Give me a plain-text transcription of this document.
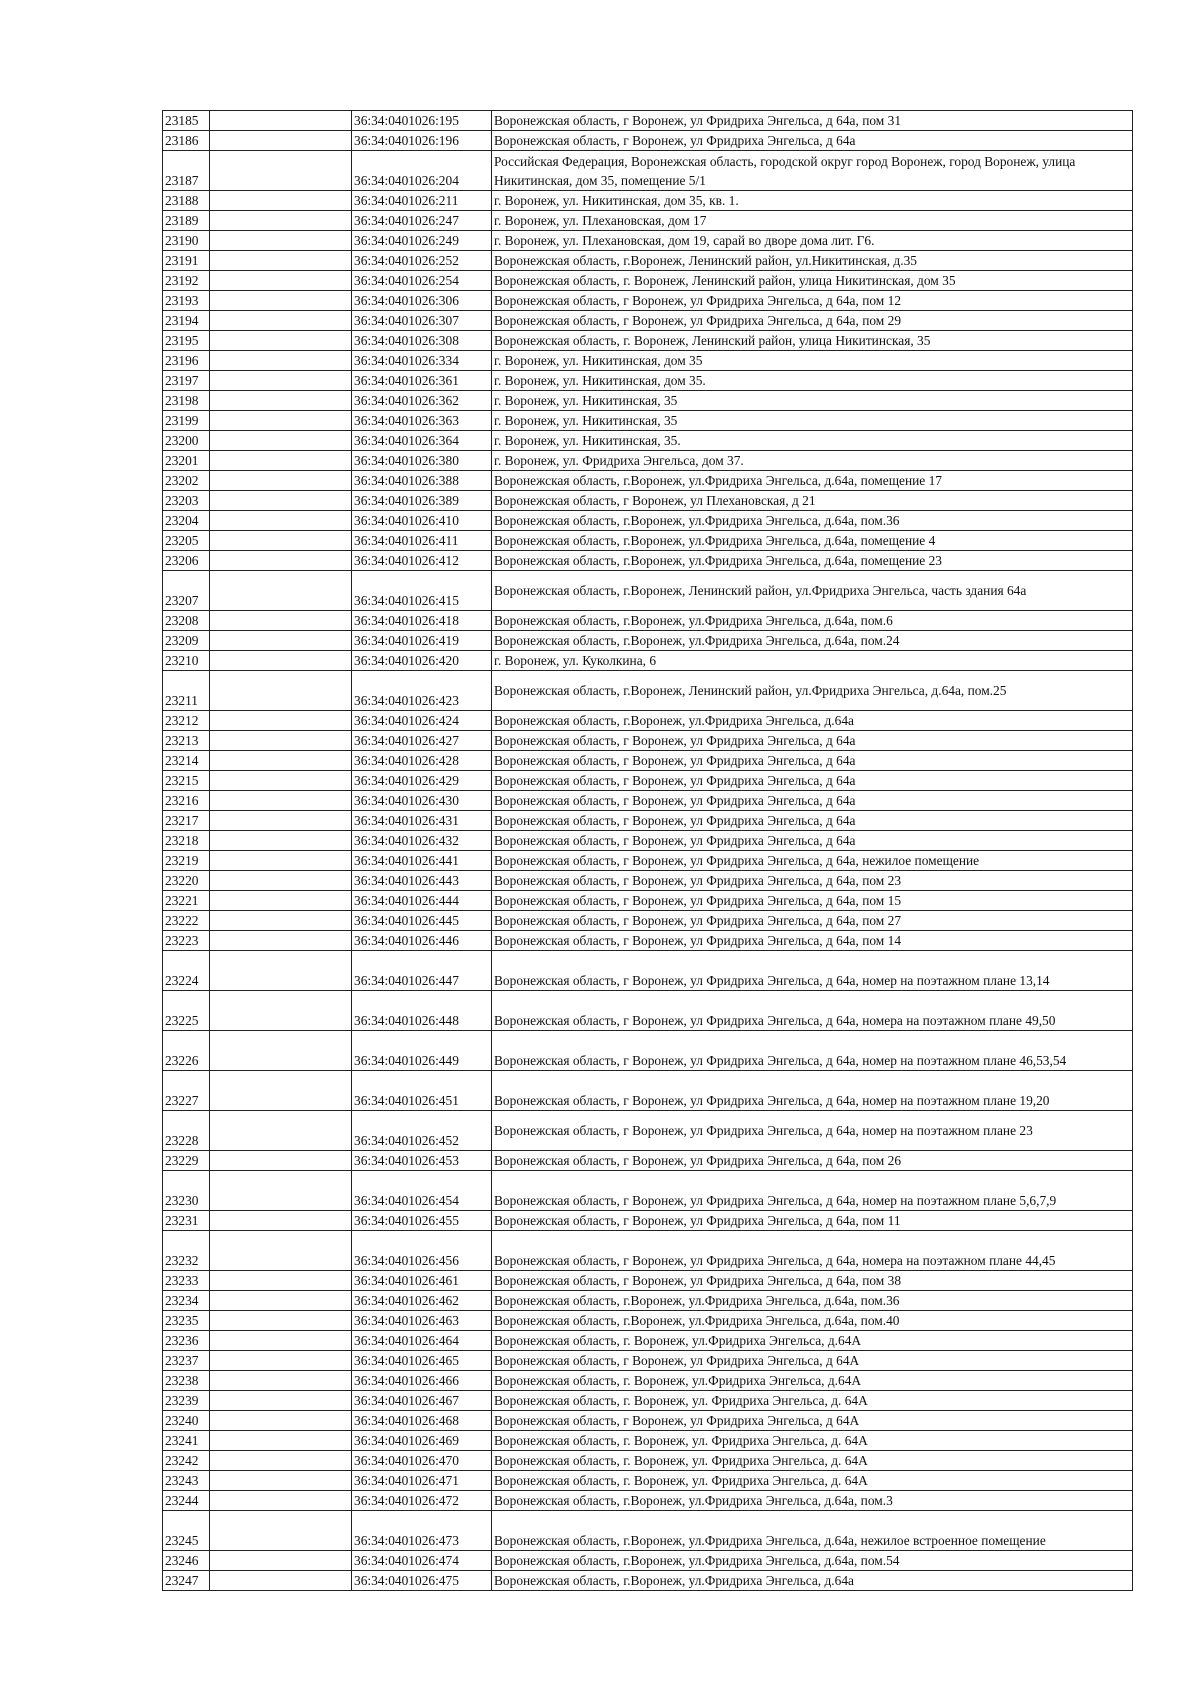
23185		36:34:0401026:195	Воронежская область, г Воронеж, ул Фридриха Энгельса, д 64а, пом 31
23186		36:34:0401026:196	Воронежская область, г Воронеж, ул Фридриха Энгельса, д 64а
23187		36:34:0401026:204	Российская Федерация, Воронежская область, городской округ город Воронеж, город Воронеж, улица Никитинская, дом 35, помещение 5/1
23188		36:34:0401026:211	г. Воронеж, ул. Никитинская, дом 35, кв. 1.
23189		36:34:0401026:247	г. Воронеж, ул. Плехановская, дом 17
23190		36:34:0401026:249	г. Воронеж, ул. Плехановская, дом 19, сарай во дворе дома лит. Г6.
23191		36:34:0401026:252	Воронежская область, г.Воронеж, Ленинский район, ул.Никитинская, д.35
23192		36:34:0401026:254	Воронежская область, г. Воронеж, Ленинский район, улица Никитинская, дом 35
23193		36:34:0401026:306	Воронежская область, г Воронеж, ул Фридриха Энгельса, д 64а, пом 12
23194		36:34:0401026:307	Воронежская область, г Воронеж, ул Фридриха Энгельса, д 64а, пом 29
23195		36:34:0401026:308	Воронежская область, г. Воронеж, Ленинский район, улица Никитинская, 35
23196		36:34:0401026:334	г. Воронеж, ул. Никитинская, дом 35
23197		36:34:0401026:361	г. Воронеж, ул. Никитинская, дом 35.
23198		36:34:0401026:362	г. Воронеж, ул. Никитинская, 35
23199		36:34:0401026:363	г. Воронеж, ул. Никитинская, 35
23200		36:34:0401026:364	г. Воронеж, ул. Никитинская, 35.
23201		36:34:0401026:380	г. Воронеж, ул. Фридриха Энгельса, дом 37.
23202		36:34:0401026:388	Воронежская область, г.Воронеж, ул.Фридриха Энгельса, д.64а, помещение 17
23203		36:34:0401026:389	Воронежская область, г Воронеж, ул Плехановская, д 21
23204		36:34:0401026:410	Воронежская область, г.Воронеж, ул.Фридриха Энгельса, д.64а, пом.36
23205		36:34:0401026:411	Воронежская область, г.Воронеж, ул.Фридриха Энгельса, д.64а, помещение 4
23206		36:34:0401026:412	Воронежская область, г.Воронеж, ул.Фридриха Энгельса, д.64а, помещение 23
23207		36:34:0401026:415	Воронежская область, г.Воронеж, Ленинский район, ул.Фридриха Энгельса, часть здания 64а
23208		36:34:0401026:418	Воронежская область, г.Воронеж, ул.Фридриха Энгельса, д.64а, пом.6
23209		36:34:0401026:419	Воронежская область, г.Воронеж, ул.Фридриха Энгельса, д.64а, пом.24
23210		36:34:0401026:420	г. Воронеж, ул. Куколкина, 6
23211		36:34:0401026:423	Воронежская область, г.Воронеж, Ленинский район, ул.Фридриха Энгельса, д.64а, пом.25
23212		36:34:0401026:424	Воронежская область, г.Воронеж, ул.Фридриха Энгельса, д.64а
23213		36:34:0401026:427	Воронежская область, г Воронеж, ул Фридриха Энгельса, д 64а
23214		36:34:0401026:428	Воронежская область, г Воронеж, ул Фридриха Энгельса, д 64а
23215		36:34:0401026:429	Воронежская область, г Воронеж, ул Фридриха Энгельса, д 64а
23216		36:34:0401026:430	Воронежская область, г Воронеж, ул Фридриха Энгельса, д 64а
23217		36:34:0401026:431	Воронежская область, г Воронеж, ул Фридриха Энгельса, д 64а
23218		36:34:0401026:432	Воронежская область, г Воронеж, ул Фридриха Энгельса, д 64а
23219		36:34:0401026:441	Воронежская область, г Воронеж, ул Фридриха Энгельса, д 64а, нежилое помещение
23220		36:34:0401026:443	Воронежская область, г Воронеж, ул Фридриха Энгельса, д 64а, пом 23
23221		36:34:0401026:444	Воронежская область, г Воронеж, ул Фридриха Энгельса, д 64а, пом 15
23222		36:34:0401026:445	Воронежская область, г Воронеж, ул Фридриха Энгельса, д 64а, пом 27
23223		36:34:0401026:446	Воронежская область, г Воронеж, ул Фридриха Энгельса, д 64а, пом 14
23224		36:34:0401026:447	Воронежская область, г Воронеж, ул Фридриха Энгельса, д 64а, номер на поэтажном плане 13,14
23225		36:34:0401026:448	Воронежская область, г Воронеж, ул Фридриха Энгельса, д 64а, номера на поэтажном плане 49,50
23226		36:34:0401026:449	Воронежская область, г Воронеж, ул Фридриха Энгельса, д 64а, номер на поэтажном плане 46,53,54
23227		36:34:0401026:451	Воронежская область, г Воронеж, ул Фридриха Энгельса, д 64а, номер на поэтажном плане 19,20
23228		36:34:0401026:452	Воронежская область, г Воронеж, ул Фридриха Энгельса, д 64а, номер на поэтажном плане 23
23229		36:34:0401026:453	Воронежская область, г Воронеж, ул Фридриха Энгельса, д 64а, пом 26
23230		36:34:0401026:454	Воронежская область, г Воронеж, ул Фридриха Энгельса, д 64а, номер на поэтажном плане 5,6,7,9
23231		36:34:0401026:455	Воронежская область, г Воронеж, ул Фридриха Энгельса, д 64а, пом 11
23232		36:34:0401026:456	Воронежская область, г Воронеж, ул Фридриха Энгельса, д 64а, номера на поэтажном плане 44,45
23233		36:34:0401026:461	Воронежская область, г Воронеж, ул Фридриха Энгельса, д 64а, пом 38
23234		36:34:0401026:462	Воронежская область, г.Воронеж, ул.Фридриха Энгельса, д.64а, пом.36
23235		36:34:0401026:463	Воронежская область, г.Воронеж, ул.Фридриха Энгельса, д.64а, пом.40
23236		36:34:0401026:464	Воронежская область, г. Воронеж, ул.Фридриха Энгельса, д.64А
23237		36:34:0401026:465	Воронежская область, г Воронеж, ул Фридриха Энгельса, д 64А
23238		36:34:0401026:466	Воронежская область, г. Воронеж, ул.Фридриха Энгельса, д.64А
23239		36:34:0401026:467	Воронежская область, г. Воронеж, ул. Фридриха Энгельса, д. 64А
23240		36:34:0401026:468	Воронежская область, г Воронеж, ул Фридриха Энгельса, д 64А
23241		36:34:0401026:469	Воронежская область, г. Воронеж, ул. Фридриха Энгельса, д. 64А
23242		36:34:0401026:470	Воронежская область, г. Воронеж, ул. Фридриха Энгельса, д. 64А
23243		36:34:0401026:471	Воронежская область, г. Воронеж, ул. Фридриха Энгельса, д. 64А
23244		36:34:0401026:472	Воронежская область, г.Воронеж, ул.Фридриха Энгельса, д.64а, пом.3
23245		36:34:0401026:473	Воронежская область, г.Воронеж, ул.Фридриха Энгельса, д.64а, нежилое встроенное помещение
23246		36:34:0401026:474	Воронежская область, г.Воронеж, ул.Фридриха Энгельса, д.64а, пом.54
23247		36:34:0401026:475	Воронежская область, г.Воронеж, ул.Фридриха Энгельса, д.64а
